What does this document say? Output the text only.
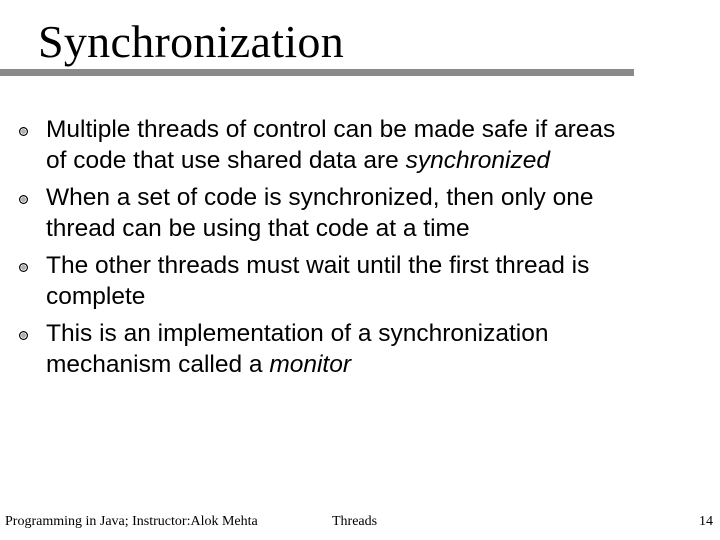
Synchronization
Multiple threads of control can be made safe if areas
of code that use shared data are synchronized
When a set of code is synchronized, then only one
thread can be using that code at a time
The other threads must wait until the first thread is
complete
This is an implementation of a synchronization
mechanism called a monitor
Programming in Java; Instructor:Alok Mehta	Threads	14
